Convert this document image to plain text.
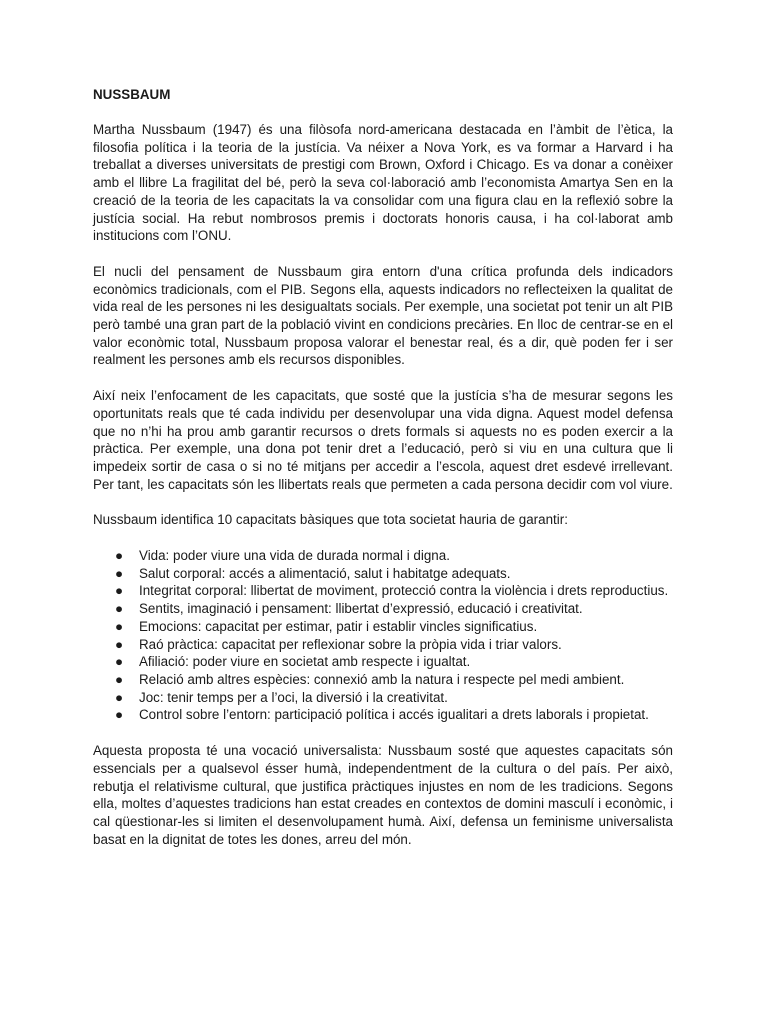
NUSSBAUM

Martha Nussbaum (1947) és una filòsofa nord-americana destacada en l’àmbit de l’ètica, la filosofia política i la teoria de la justícia. Va néixer a Nova York, es va formar a Harvard i ha treballat a diverses universitats de prestigi com Brown, Oxford i Chicago. Es va donar a conèixer amb el llibre La fragilitat del bé, però la seva col·laboració amb l’economista Amartya Sen en la creació de la teoria de les capacitats la va consolidar com una figura clau en la reflexió sobre la justícia social. Ha rebut nombrosos premis i doctorats honoris causa, i ha col·laborat amb institucions com l’ONU.

El nucli del pensament de Nussbaum gira entorn d'una crítica profunda dels indicadors econòmics tradicionals, com el PIB. Segons ella, aquests indicadors no reflecteixen la qualitat de vida real de les persones ni les desigualtats socials. Per exemple, una societat pot tenir un alt PIB però també una gran part de la població vivint en condicions precàries. En lloc de centrar-se en el valor econòmic total, Nussbaum proposa valorar el benestar real, és a dir, què poden fer i ser realment les persones amb els recursos disponibles.

Així neix l’enfocament de les capacitats, que sosté que la justícia s’ha de mesurar segons les oportunitats reals que té cada individu per desenvolupar una vida digna. Aquest model defensa que no n’hi ha prou amb garantir recursos o drets formals si aquests no es poden exercir a la pràctica. Per exemple, una dona pot tenir dret a l’educació, però si viu en una cultura que li impedeix sortir de casa o si no té mitjans per accedir a l’escola, aquest dret esdevé irrellevant. Per tant, les capacitats són les llibertats reals que permeten a cada persona decidir com vol viure.

Nussbaum identifica 10 capacitats bàsiques que tota societat hauria de garantir:

● Vida: poder viure una vida de durada normal i digna.
● Salut corporal: accés a alimentació, salut i habitatge adequats.
● Integritat corporal: llibertat de moviment, protecció contra la violència i drets reproductius.
● Sentits, imaginació i pensament: llibertat d’expressió, educació i creativitat.
● Emocions: capacitat per estimar, patir i establir vincles significatius.
● Raó pràctica: capacitat per reflexionar sobre la pròpia vida i triar valors.
● Afiliació: poder viure en societat amb respecte i igualtat.
● Relació amb altres espècies: connexió amb la natura i respecte pel medi ambient.
● Joc: tenir temps per a l’oci, la diversió i la creativitat.
● Control sobre l’entorn: participació política i accés igualitari a drets laborals i propietat.

Aquesta proposta té una vocació universalista: Nussbaum sosté que aquestes capacitats són essencials per a qualsevol ésser humà, independentment de la cultura o del país. Per això, rebutja el relativisme cultural, que justifica pràctiques injustes en nom de les tradicions. Segons ella, moltes d’aquestes tradicions han estat creades en contextos de domini masculí i econòmic, i cal qüestionar-les si limiten el desenvolupament humà. Així, defensa un feminisme universalista basat en la dignitat de totes les dones, arreu del món.
